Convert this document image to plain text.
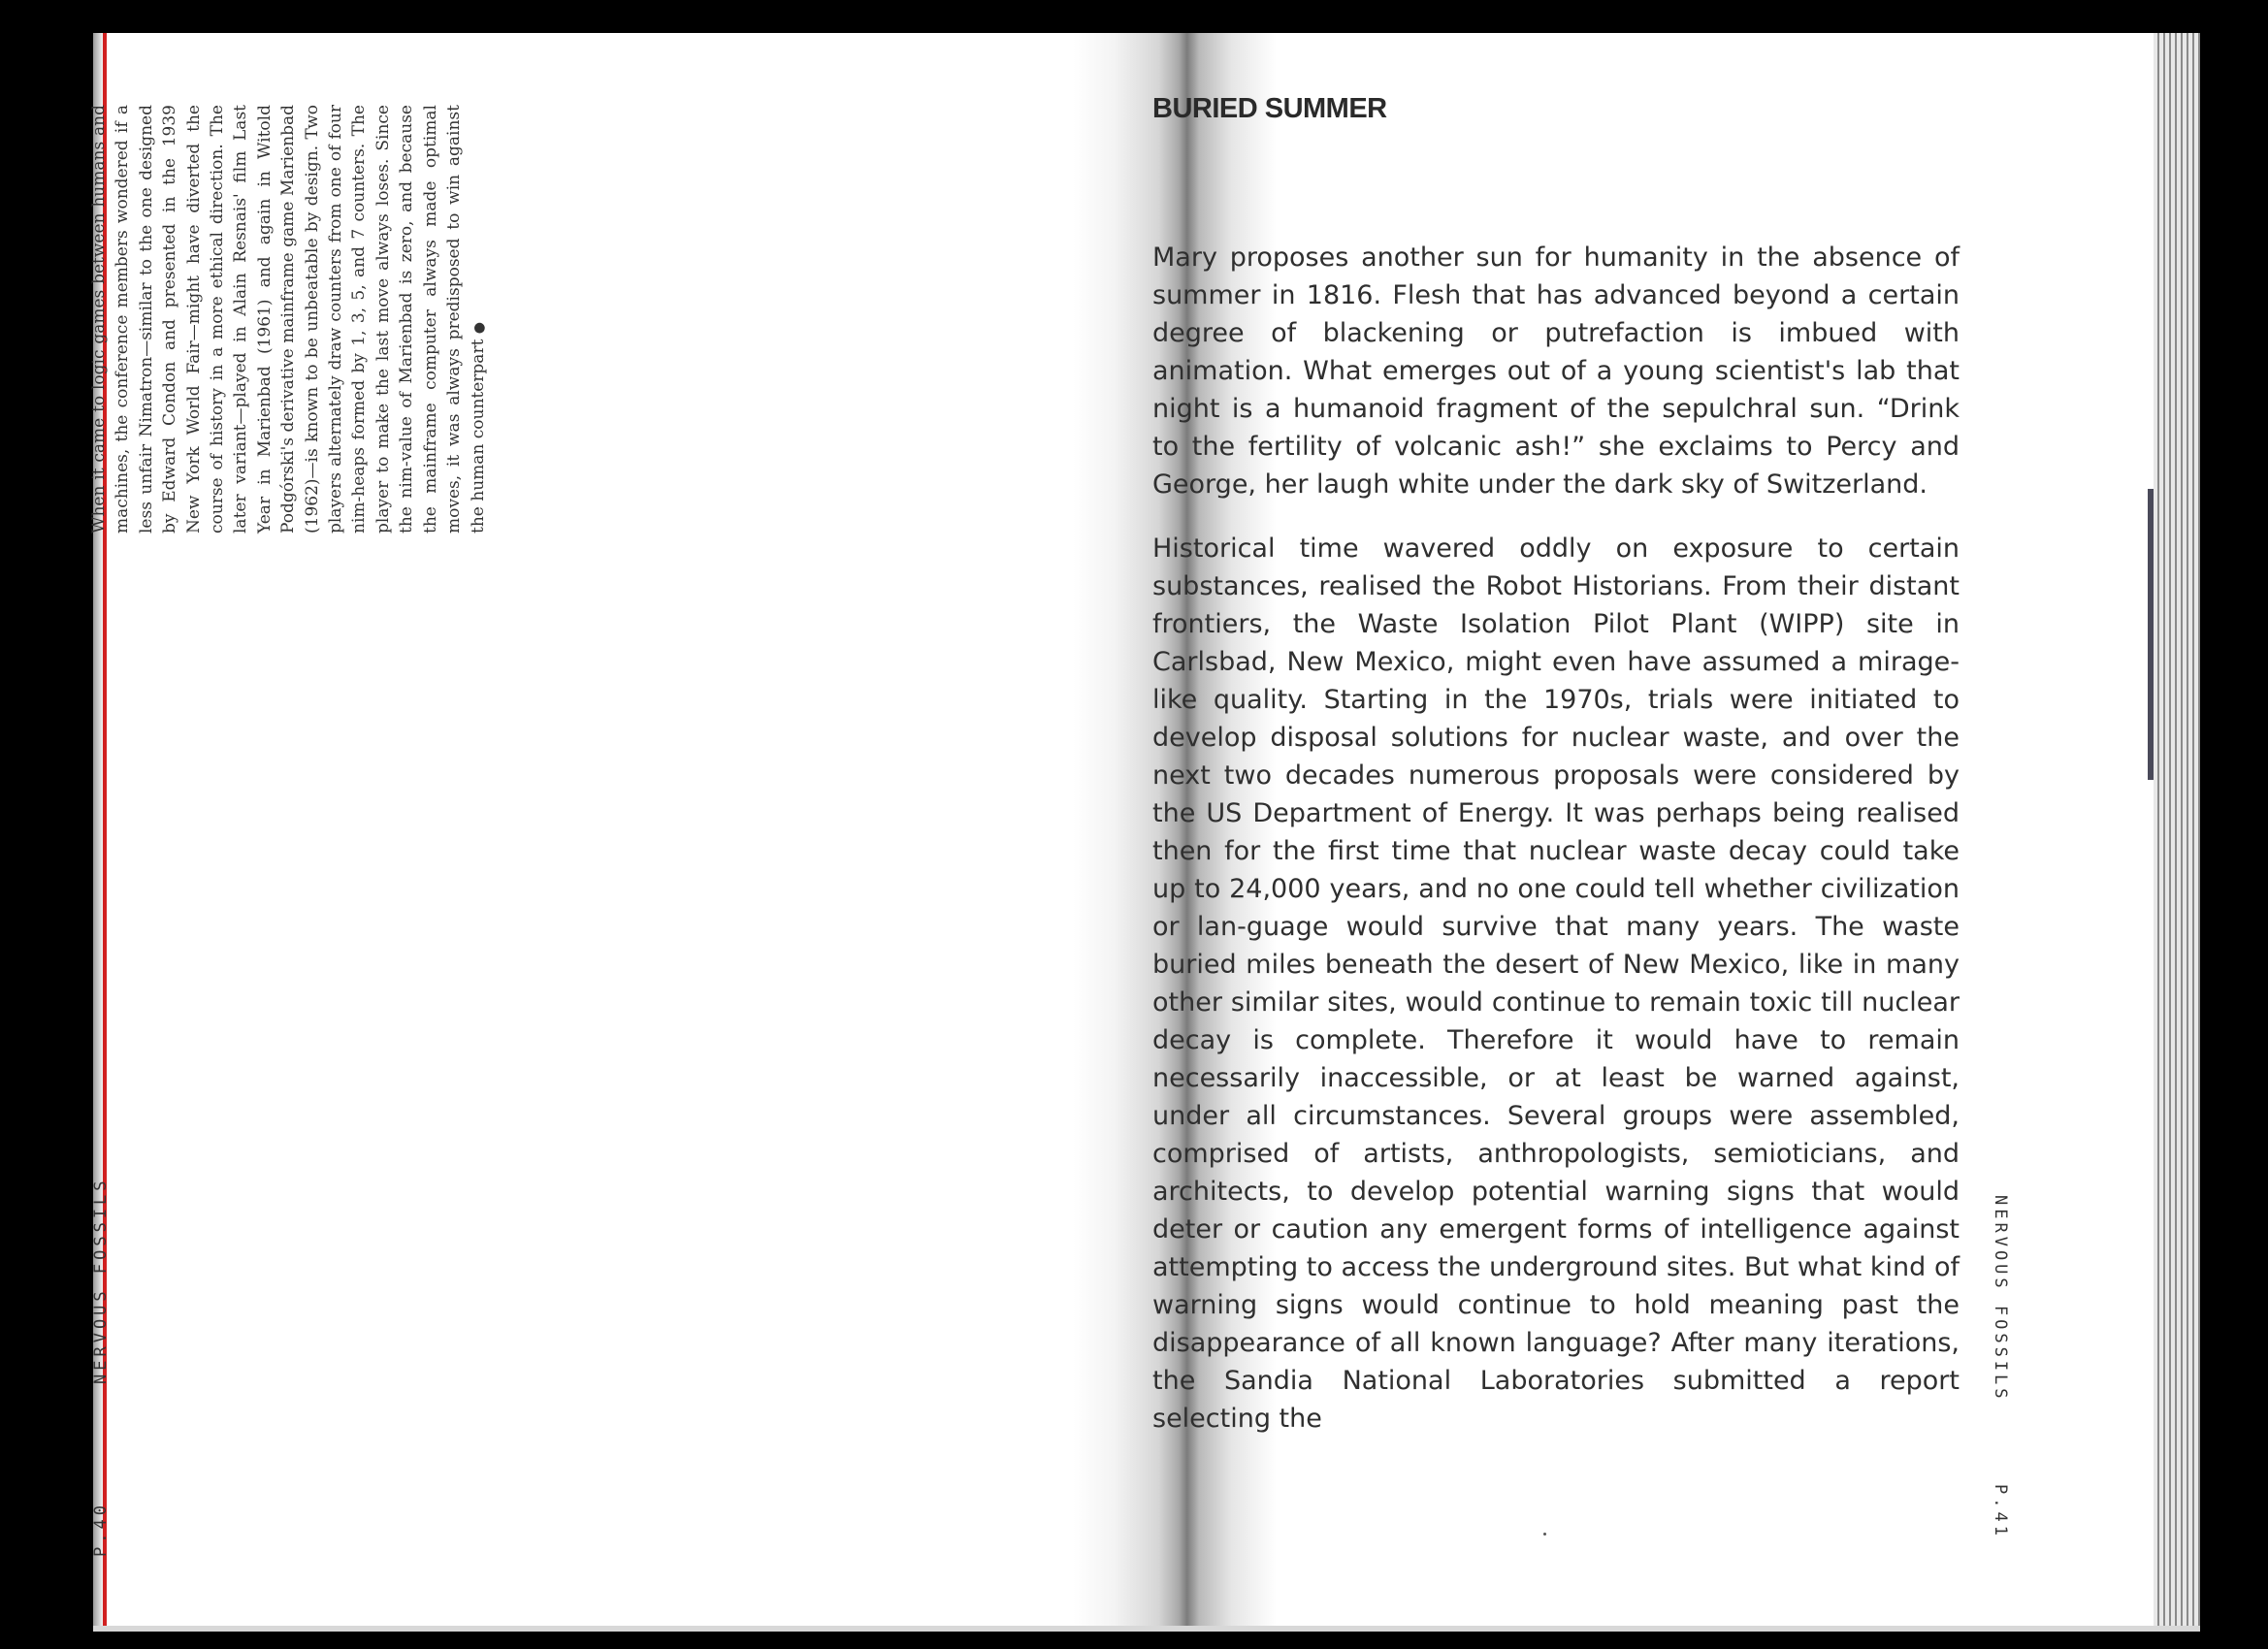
When it came to logic games between humans and machines, the conference members wondered if a less unfair Nimatron—similar to the one designed by Edward Condon and presented in the 1939 New York World Fair—might have diverted the course of history in a more ethical direction. The later variant—played in Alain Resnais' film Last Year in Marienbad (1961) and again in Witold Podgórski's derivative mainframe game Marienbad (1962)—is known to be unbeatable by design. Two players alternately draw counters from one of four nim-heaps formed by 1, 3, 5, and 7 counters. The player to make the last move always loses. Since the nim-value of Marienbad is zero, and because the mainframe computer always made optimal moves, it was always predisposed to win against the human counterpart ●
NERVOUS FOSSILS
P.40
BURIED SUMMER

Mary proposes another sun for humanity in the absence of summer in 1816. Flesh that has advanced beyond a certain degree of blackening or putrefaction is imbued with animation. What emerges out of a young scientist's lab that night is a humanoid fragment of the sepulchral sun. “Drink to the fertility of volcanic ash!” she exclaims to Percy and George, her laugh white under the dark sky of Switzerland.

Historical time wavered oddly on exposure to certain substances, realised the Robot Historians. From their distant frontiers, the Waste Isolation Pilot Plant (WIPP) site in Carlsbad, New Mexico, might even have assumed a mirage-like quality. Starting in the 1970s, trials were initiated to develop disposal solutions for nuclear waste, and over the next two decades numerous proposals were considered by the US Department of Energy. It was perhaps being realised then for the first time that nuclear waste decay could take up to 24,000 years, and no one could tell whether civilization or lan-guage would survive that many years. The waste buried miles beneath the desert of New Mexico, like in many other similar sites, would continue to remain toxic till nuclear decay is complete. Therefore it would have to remain necessarily inaccessible, or at least be warned against, under all circumstances. Several groups were assembled, comprised of artists, anthropologists, semioticians, and architects, to develop potential warning signs that would deter or caution any emergent forms of intelligence against attempting to access the underground sites. But what kind of warning signs would continue to hold meaning past the disappearance of all known language? After many iterations, the Sandia National Laboratories submitted a report selecting the

NERVOUS FOSSILS
P.41
